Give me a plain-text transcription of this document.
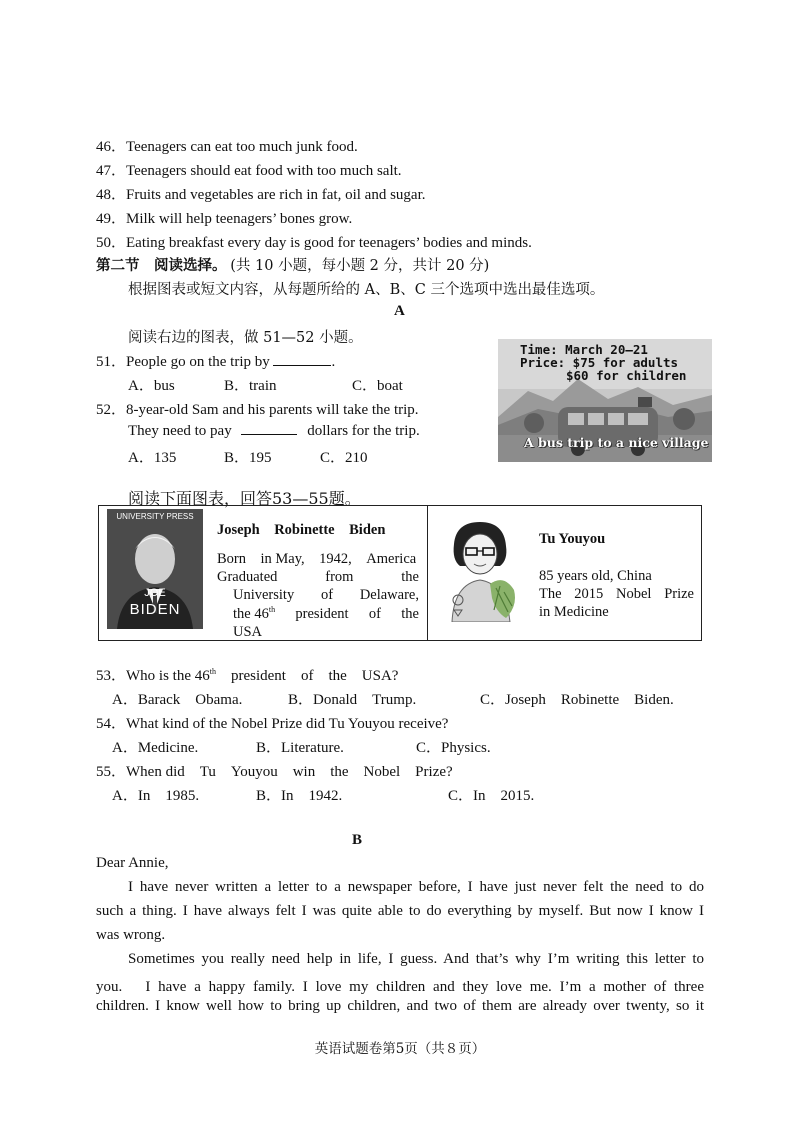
46．Teenagers can eat too much junk food.
47．Teenagers should eat food with too much salt.
48．Fruits and vegetables are rich in fat, oil and sugar.
49．Milk will help teenagers’ bones grow.
50．Eating breakfast every day is good for teenagers’ bodies and minds.
第二节　阅读选择。 (共 10 小题，每小题 2 分，共计 20 分)
根据图表或短文内容，从每题所给的 A、B、C 三个选项中选出最佳选项。
A
阅读右边的图表，做 51—52 小题。
51．People go on the trip by	.
A．bus	B．train	C．boat
52．8-year-old Sam and his parents will take the trip.
They need to pay	dollars for the trip.
A．135	B．195	C．210
Time: March 20—21
Price: $75 for adults
$60 for children
A bus trip to a nice village
阅读下面图表，回答53—55题。
UNIVERSITY PRESS
JOE
BIDEN
Joseph　Robinette　Biden
Born　in May,　1942,　America
Graduated	from	the
University of Delaware,
the 46th president of the
USA
Tu Youyou
85 years old, China
The 2015 Nobel Prize
in Medicine
53．Who is the 46th　president　of　the　USA?
A．Barack　Obama.	B．Donald　Trump.	C．Joseph　Robinette　Biden.
54．What kind of the Nobel Prize did Tu Youyou receive?
A．Medicine.	B．Literature.	C．Physics.
55．When did　Tu　Youyou　win　the　Nobel　Prize?
A．In　1985.	B．In　1942.	C．In　2015.
B
Dear Annie,
I have never written a letter to a newspaper before, I have just never felt the need to do
such a thing. I have always felt I was quite able to do everything by myself. But now I know I
was wrong.
Sometimes you really need help in life, I guess. And that’s why I’m writing this letter to
you.　I have a happy family. I love my children and they love me. I’m a mother of three
children. I know well how to bring up children, and two of them are already over twenty, so it
英语试题卷第5页（共８页）
